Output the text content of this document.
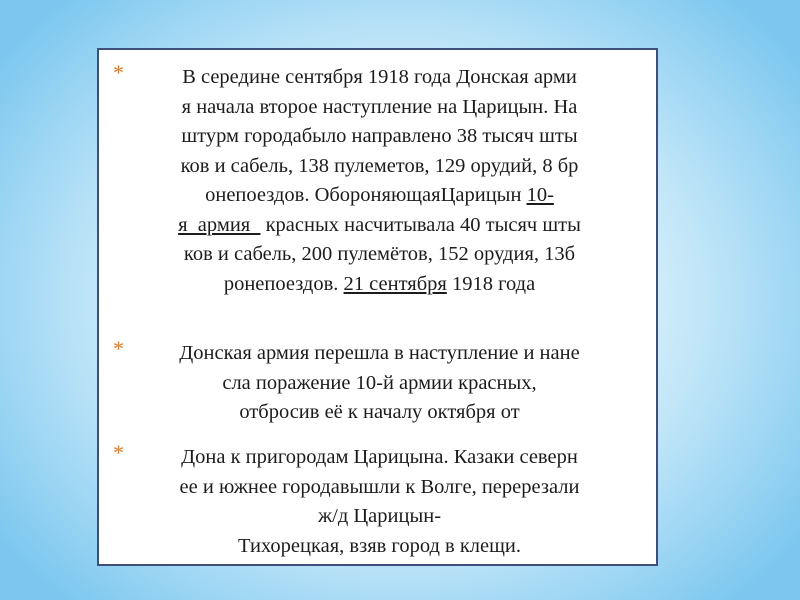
*	В середине сентября 1918 года Донская арми
я начала второе наступление на Царицын. На
штурм городабыло направлено 38 тысяч шты
ков и сабель, 138 пулеметов, 129 орудий, 8 бр
онепоездов. ОбороняющаяЦарицын 10-
я  армия   красных насчитывала 40 тысяч шты
ков и сабель, 200 пулемётов, 152 орудия, 13б
ронепоездов. 21 сентября 1918 года

*	Донская армия перешла в наступление и нане
сла поражение 10-й армии красных,
отбросив её к началу октября от

*	Дона к пригородам Царицына. Казаки северн
ее и южнее городавышли к Волге, перерезали
ж/д Царицын-
Тихорецкая, взяв город в клещи.
